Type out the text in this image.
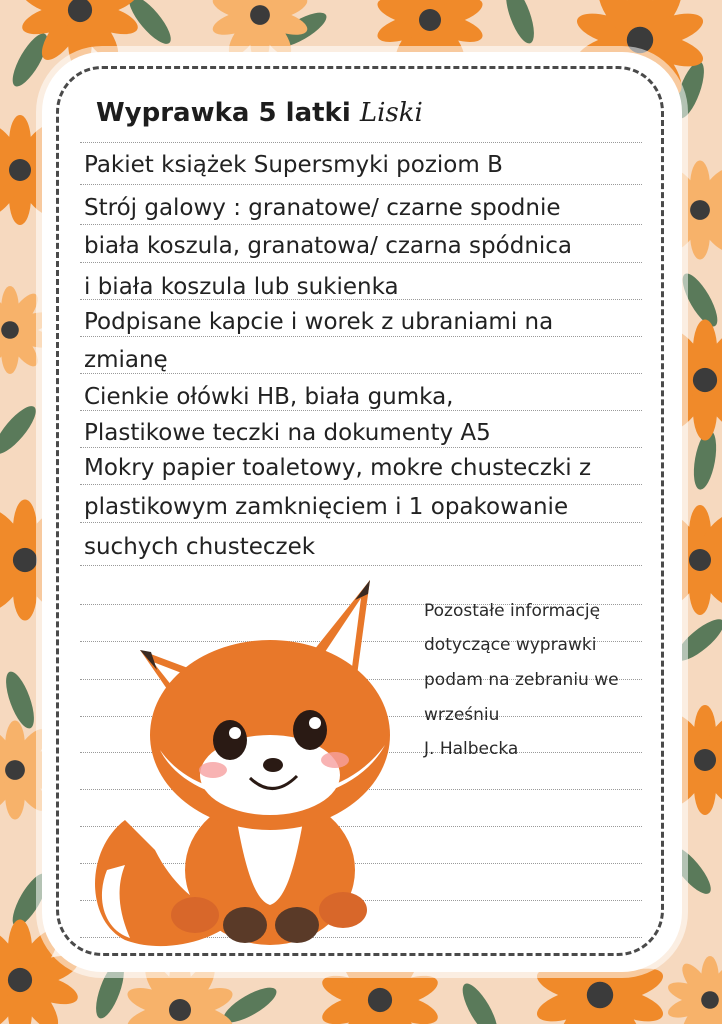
Wyprawka 5 latki Liski
Pakiet książek Supersmyki poziom B
Strój galowy : granatowe/ czarne spodnie
biała koszula, granatowa/ czarna spódnica
i biała koszula lub sukienka
Podpisane kapcie i worek z ubraniami na
zmianę
Cienkie ołówki HB, biała gumka,
Plastikowe teczki na dokumenty A5
Mokry papier toaletowy, mokre chusteczki z
plastikowym zamknięciem i 1 opakowanie
suchych chusteczek
Pozostałe informację
dotyczące wyprawki
podam na zebraniu we
wrześniu
J. Halbecka
